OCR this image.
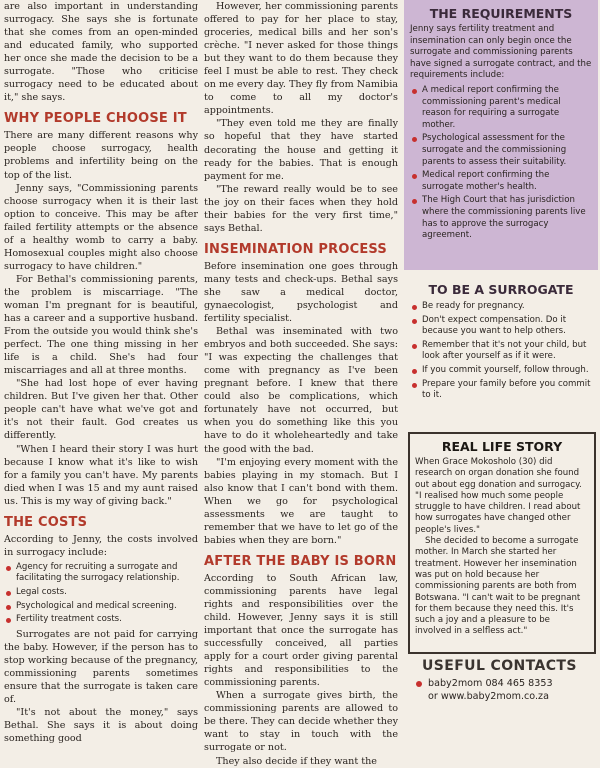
are also important in understanding surrogacy. She says she is fortunate that she comes from an open-minded and educated family, who supported her once she made the decision to be a surrogate. "Those who criticise surrogacy need to be educated about it," she says.

WHY PEOPLE CHOOSE IT

There are many different reasons why people choose surrogacy, health problems and infertility being on the top of the list.

Jenny says, "Commissioning parents choose surrogacy when it is their last option to conceive. This may be after failed fertility attempts or the absence of a healthy womb to carry a baby. Homosexual couples might also choose surrogacy to have children."

For Bethal's commissioning parents, the problem is miscarriage. "The woman I'm pregnant for is beautiful, has a career and a supportive husband. From the outside you would think she's perfect. The one thing missing in her life is a child. She's had four miscarriages and all at three months.

"She had lost hope of ever having children. But I've given her that. Other people can't have what we've got and it's not their fault. God creates us differently.

"When I heard their story I was hurt because I know what it's like to wish for a family you can't have. My parents died when I was 15 and my aunt raised us. This is my way of giving back."

THE COSTS

According to Jenny, the costs involved in surrogacy include:

Agency for recruiting a surrogate and facilitating the surrogacy relationship.
Legal costs.
Psychological and medical screening.
Fertility treatment costs.

Surrogates are not paid for carrying the baby. However, if the person has to stop working because of the pregnancy, commissioning parents sometimes ensure that the surrogate is taken care of.

"It's not about the money," says Bethal. She says it is about doing something good

However, her commissioning parents offered to pay for her place to stay, groceries, medical bills and her son's crèche. "I never asked for those things but they want to do them because they feel I must be able to rest. They check on me every day. They fly from Namibia to come to all my doctor's appointments.

"They even told me they are finally so hopeful that they have started decorating the house and getting it ready for the babies. That is enough payment for me.

"The reward really would be to see the joy on their faces when they hold their babies for the very first time," says Bethal.

INSEMINATION PROCESS

Before insemination one goes through many tests and check-ups. Bethal says she saw a medical doctor, gynaecologist, psychologist and fertility specialist.

Bethal was inseminated with two embryos and both succeeded. She says: "I was expecting the challenges that come with pregnancy as I've been pregnant before. I knew that there could also be complications, which fortunately have not occurred, but when you do something like this you have to do it wholeheartedly and take the good with the bad.

"I'm enjoying every moment with the babies playing in my stomach. But I also know that I can't bond with them. When we go for psychological assessments we are taught to remember that we have to let go of the babies when they are born."

AFTER THE BABY IS BORN

According to South African law, commissioning parents have legal rights and responsibilities over the child. However, Jenny says it is still important that once the surrogate has successfully conceived, all parties apply for a court order giving parental rights and responsibilities to the commissioning parents.

When a surrogate gives birth, the commissioning parents are allowed to be there. They can decide whether they want to stay in touch with the surrogate or not.

They also decide if they want the

THE REQUIREMENTS

Jenny says fertility treatment and insemination can only begin once the surrogate and commissioning parents have signed a surrogate contract, and the requirements include:

A medical report confirming the commissioning parent's medical reason for requiring a surrogate mother.
Psychological assessment for the surrogate and the commissioning parents to assess their suitability.
Medical report confirming the surrogate mother's health.
The High Court that has jurisdiction where the commissioning parents live has to approve the surrogacy agreement.
TO BE A SURROGATE
Be ready for pregnancy.
Don't expect compensation. Do it because you want to help others.
Remember that it's not your child, but look after yourself as if it were.
If you commit yourself, follow through.
Prepare your family before you commit to it.
REAL LIFE STORY

When Grace Mokosholo (30) did research on organ donation she found out about egg donation and surrogacy. "I realised how much some people struggle to have children. I read about how surrogates have changed other people's lives."

She decided to become a surrogate mother. In March she started her treatment. However her insemination was put on hold because her commissioning parents are both from Botswana. "I can't wait to be pregnant for them because they need this. It's such a joy and a pleasure to be involved in a selfless act."

USEFUL CONTACTS
baby2mom 084 465 8353
or www.baby2mom.co.za
